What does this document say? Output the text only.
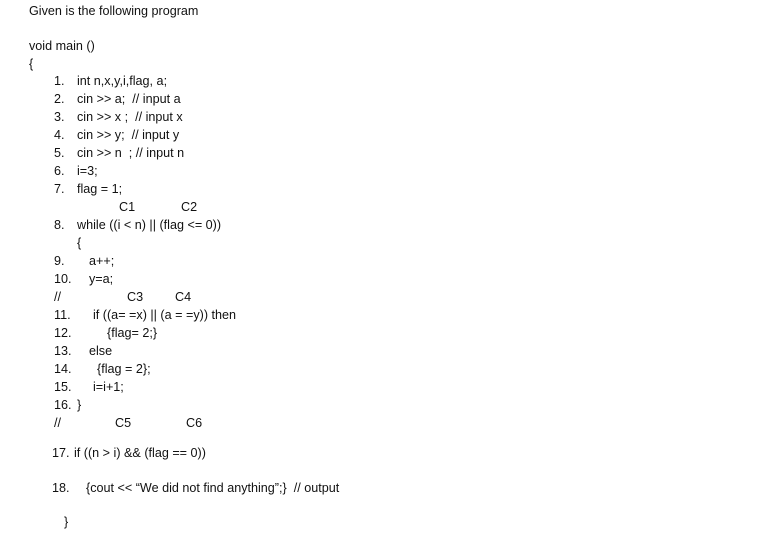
Given is the following program
void main ()
{
1. int n,x,y,i,flag, a;
2. cin >> a;  // input a
3. cin >> x ;  // input x
4. cin >> y;  // input y
5. cin >> n  ; // input n
6. i=3;
7. flag = 1;
C1	C2
8. while ((i < n) || (flag <= 0))
{
9. a++;
10. y=a;
//	C3	C4
11. if ((a= =x) || (a = =y)) then
12.	{flag= 2;}
13. else
14. {flag = 2};
15. i=i+1;
16. }
//	C5	C6
17. if ((n > i) && (flag == 0))
18. {cout << “We did not find anything”;}  // output
}
